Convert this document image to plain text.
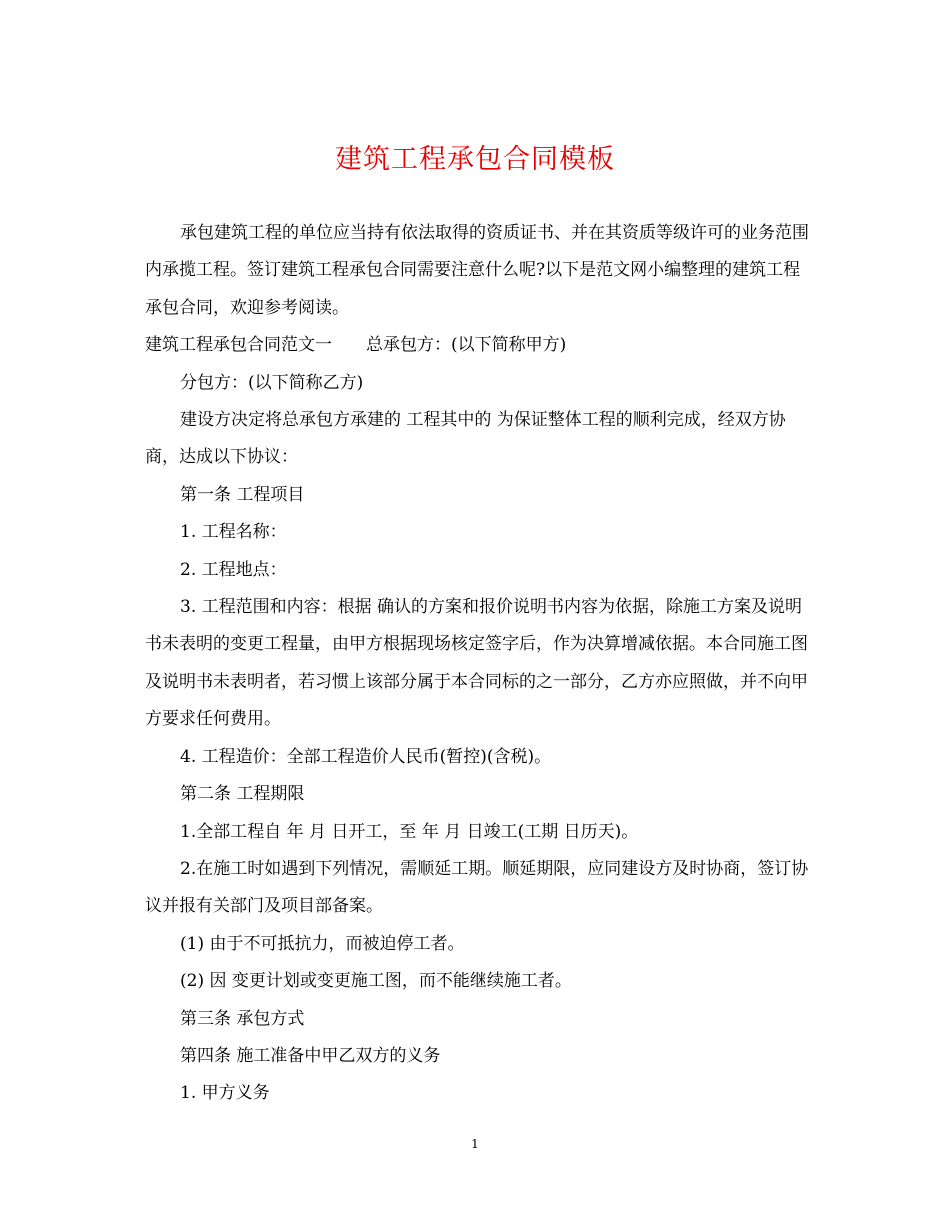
建筑工程承包合同模板

承包建筑工程的单位应当持有依法取得的资质证书、并在其资质等级许可的业务范围内承揽工程。签订建筑工程承包合同需要注意什么呢?以下是范文网小编整理的建筑工程承包合同，欢迎参考阅读。

建筑工程承包合同范文一　　总承包方：(以下简称甲方)

分包方：(以下简称乙方)

建设方决定将总承包方承建的 工程其中的 为保证整体工程的顺利完成，经双方协商，达成以下协议：

第一条 工程项目

1. 工程名称：

2. 工程地点：

3. 工程范围和内容：根据 确认的方案和报价说明书内容为依据，除施工方案及说明书未表明的变更工程量，由甲方根据现场核定签字后，作为决算增减依据。本合同施工图及说明书未表明者，若习惯上该部分属于本合同标的之一部分，乙方亦应照做，并不向甲方要求任何费用。

4. 工程造价：全部工程造价人民币(暂控)(含税)。

第二条 工程期限

1.全部工程自 年 月 日开工，至 年 月 日竣工(工期 日历天)。

2.在施工时如遇到下列情况，需顺延工期。顺延期限，应同建设方及时协商，签订协议并报有关部门及项目部备案。

(1) 由于不可抵抗力，而被迫停工者。

(2) 因 变更计划或变更施工图，而不能继续施工者。

第三条 承包方式

第四条 施工准备中甲乙双方的义务

1. 甲方义务

1
